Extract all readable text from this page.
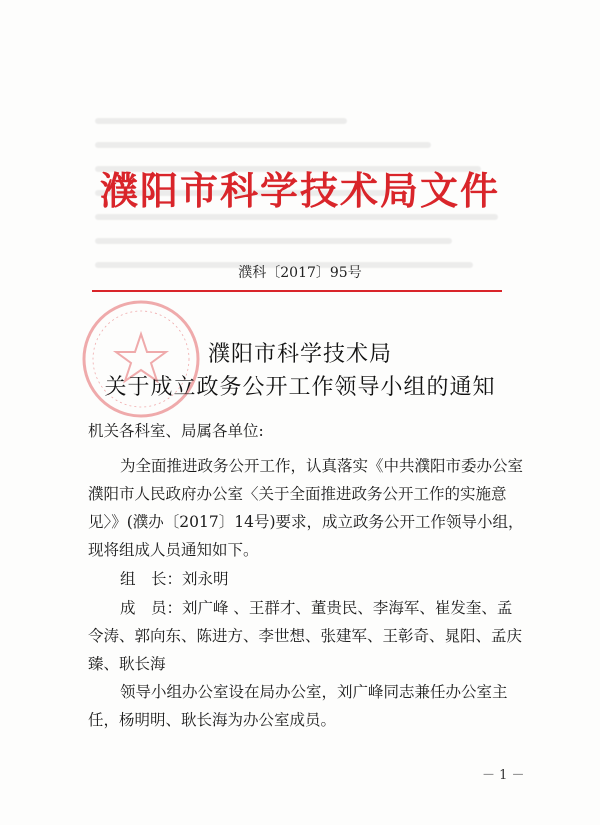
濮阳市科学技术局文件
濮科〔2017〕95号
濮阳市科学技术局
关于成立政务公开工作领导小组的通知
机关各科室、局属各单位:
为全面推进政务公开工作，认真落实《中共濮阳市委办公室
濮阳市人民政府办公室〈关于全面推进政务公开工作的实施意
见〉》(濮办〔2017〕14号)要求，成立政务公开工作领导小组，
现将组成人员通知如下。
组　长：刘永明
成　员：刘广峰 、王群才、董贵民、李海军、崔发奎、孟
令涛、郭向东、陈进方、李世想、张建军、王彰奇、晁阳、孟庆
臻、耿长海
领导小组办公室设在局办公室，刘广峰同志兼任办公室主
任，杨明明、耿长海为办公室成员。
－ 1 －
